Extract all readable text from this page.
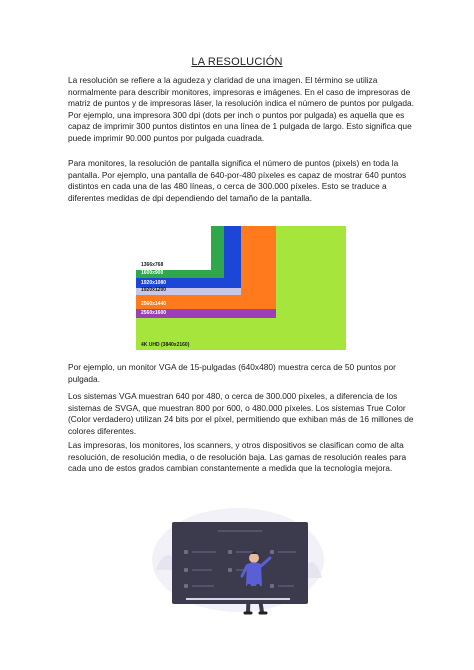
LA RESOLUCIÓN

La resolución se refiere a la agudeza y claridad de una imagen. El término se utiliza normalmente para describir monitores, impresoras e imágenes. En el caso de impresoras de matriz de puntos y de impresoras láser, la resolución indica el número de puntos por pulgada. Por ejemplo, una impresora 300 dpi (dots per inch o puntos por pulgada) es aquella que es capaz de imprimir 300 puntos distintos en una línea de 1 pulgada de largo. Esto significa que puede imprimir 90.000 puntos por pulgada cuadrada.

Para monitores, la resolución de pantalla significa el número de puntos (pixels) en toda la pantalla. Por ejemplo, una pantalla de 640-por-480 píxeles es capaz de mostrar 640 puntos distintos en cada una de las 480 líneas, o cerca de 300.000 píxeles. Esto se traduce a diferentes medidas de dpi dependiendo del tamaño de la pantalla.

4K UHD (3840x2160)
2560x1600
2560x1440
1920x1200
1920x1080
1600x900
1366x768

Por ejemplo, un monitor VGA de 15-pulgadas (640x480) muestra cerca de 50 puntos por pulgada.

Los sistemas VGA muestran 640 por 480, o cerca de 300.000 píxeles, a diferencia de los sistemas de SVGA, que muestran 800 por 600, o 480.000 píxeles. Los sistemas True Color (Color verdadero) utilizan 24 bits por el píxel, permitiendo que exhiban más de 16 millones de colores diferentes.

Las impresoras, los monitores, los scanners, y otros dispositivos se clasifican como de alta resolución, de resolución media, o de resolución baja. Las gamas de resolución reales para cada uno de estos grados cambian constantemente a medida que la tecnología mejora.
